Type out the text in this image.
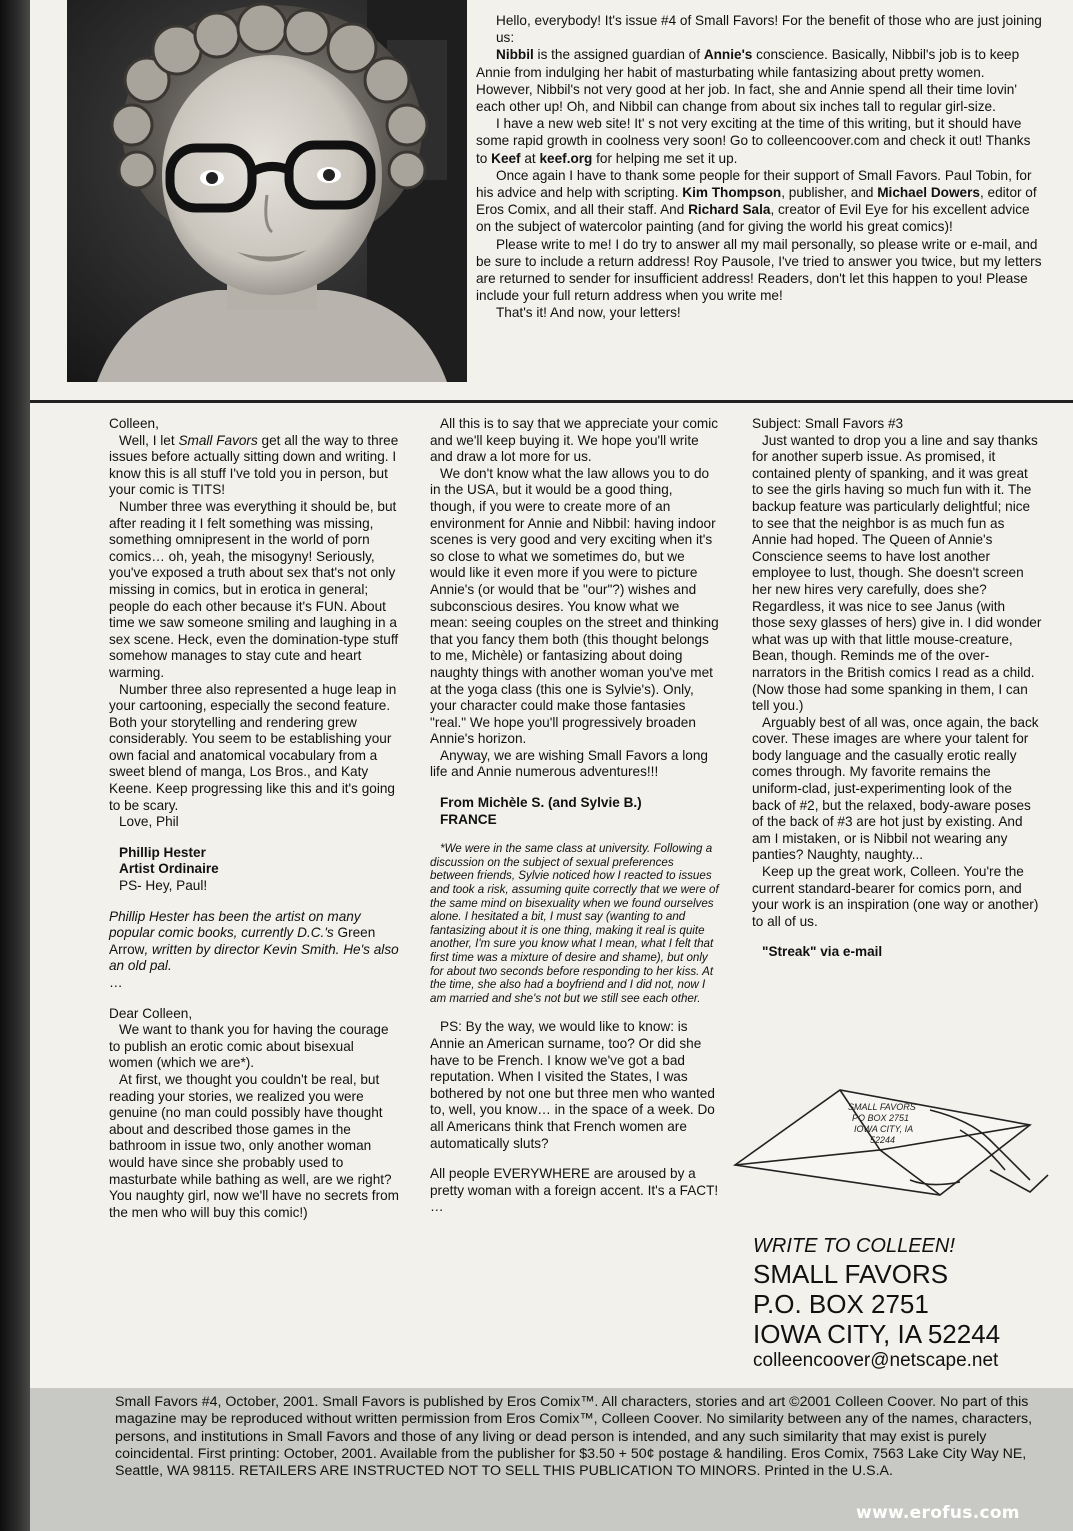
Hello, everybody! It's issue #4 of Small Favors! For the benefit of those who are just joining us:

Nibbil is the assigned guardian of Annie's conscience. Basically, Nibbil's job is to keep Annie from indulging her habit of masturbating while fantasizing about pretty women. However, Nibbil's not very good at her job. In fact, she and Annie spend all their time lovin' each other up! Oh, and Nibbil can change from about six inches tall to regular girl-size.

I have a new web site! It' s not very exciting at the time of this writing, but it should have some rapid growth in coolness very soon! Go to colleencoover.com and check it out! Thanks to Keef at keef.org for helping me set it up.

Once again I have to thank some people for their support of Small Favors. Paul Tobin, for his advice and help with scripting. Kim Thompson, publisher, and Michael Dowers, editor of Eros Comix, and all their staff. And Richard Sala, creator of Evil Eye for his excellent advice on the subject of watercolor painting (and for giving the world his great comics)!

Please write to me! I do try to answer all my mail personally, so please write or e-mail, and be sure to include a return address! Roy Pausole, I've tried to answer you twice, but my letters are returned to sender for insufficient address! Readers, don't let this happen to you! Please include your full return address when you write me!

That's it! And now, your letters!

Colleen,

Well, I let Small Favors get all the way to three issues before actually sitting down and writing. I know this is all stuff I've told you in person, but your comic is TITS!

Number three was everything it should be, but after reading it I felt something was missing, something omnipresent in the world of porn comics… oh, yeah, the misogyny! Seriously, you've exposed a truth about sex that's not only missing in comics, but in erotica in general; people do each other because it's FUN. About time we saw someone smiling and laughing in a sex scene. Heck, even the domination-type stuff somehow manages to stay cute and heart warming.

Number three also represented a huge leap in your cartooning, especially the second feature. Both your storytelling and rendering grew considerably. You seem to be establishing your own facial and anatomical vocabulary from a sweet blend of manga, Los Bros., and Katy Keene. Keep progressing like this and it's going to be scary.

Love, Phil

Phillip Hester

Artist Ordinaire

PS- Hey, Paul!

Phillip Hester has been the artist on many popular comic books, currently D.C.'s Green Arrow, written by director Kevin Smith. He's also an old pal.

…

Dear Colleen,

We want to thank you for having the courage to publish an erotic comic about bisexual women (which we are*).

At first, we thought you couldn't be real, but reading your stories, we realized you were genuine (no man could possibly have thought about and described those games in the bathroom in issue two, only another woman would have since she probably used to masturbate while bathing as well, are we right? You naughty girl, now we'll have no secrets from the men who will buy this comic!)

All this is to say that we appreciate your comic and we'll keep buying it. We hope you'll write and draw a lot more for us.

We don't know what the law allows you to do in the USA, but it would be a good thing, though, if you were to create more of an environment for Annie and Nibbil: having indoor scenes is very good and very exciting when it's so close to what we sometimes do, but we would like it even more if you were to picture Annie's (or would that be "our"?) wishes and subconscious desires. You know what we mean: seeing couples on the street and thinking that you fancy them both (this thought belongs to me, Michèle) or fantasizing about doing naughty things with another woman you've met at the yoga class (this one is Sylvie's). Only, your character could make those fantasies "real." We hope you'll progressively broaden Annie's horizon.

Anyway, we are wishing Small Favors a long life and Annie numerous adventures!!!

From Michèle S. (and Sylvie B.)

FRANCE

*We were in the same class at university. Following a discussion on the subject of sexual preferences between friends, Sylvie noticed how I reacted to issues and took a risk, assuming quite correctly that we were of the same mind on bisexuality when we found ourselves alone. I hesitated a bit, I must say (wanting to and fantasizing about it is one thing, making it real is quite another, I'm sure you know what I mean, what I felt that first time was a mixture of desire and shame), but only for about two seconds before responding to her kiss. At the time, she also had a boyfriend and I did not, now I am married and she's not but we still see each other.

PS: By the way, we would like to know: is Annie an American surname, too? Or did she have to be French. I know we've got a bad reputation. When I visited the States, I was bothered by not one but three men who wanted to, well, you know… in the space of a week. Do all Americans think that French women are automatically sluts?

All people EVERYWHERE are aroused by a pretty woman with a foreign accent. It's a FACT!

…

Subject: Small Favors #3

Just wanted to drop you a line and say thanks for another superb issue. As promised, it contained plenty of spanking, and it was great to see the girls having so much fun with it. The backup feature was particularly delightful; nice to see that the neighbor is as much fun as Annie had hoped. The Queen of Annie's Conscience seems to have lost another employee to lust, though. She doesn't screen her new hires very carefully, does she? Regardless, it was nice to see Janus (with those sexy glasses of hers) give in. I did wonder what was up with that little mouse-creature, Bean, though. Reminds me of the over-narrators in the British comics I read as a child. (Now those had some spanking in them, I can tell you.)

Arguably best of all was, once again, the back cover. These images are where your talent for body language and the casually erotic really comes through. My favorite remains the uniform-clad, just-experimenting look of the back of #2, but the relaxed, body-aware poses of the back of #3 are hot just by existing. And am I mistaken, or is Nibbil not wearing any panties? Naughty, naughty...

Keep up the great work, Colleen. You're the current standard-bearer for comics porn, and your work is an inspiration (one way or another) to all of us.

"Streak" via e-mail

SMALL FAVORS
PO BOX 2751
IOWA CITY, IA
52244
WRITE TO COLLEEN!
SMALL FAVORS
P.O. BOX 2751
IOWA CITY, IA 52244
colleencoover@netscape.net
Small Favors #4, October, 2001. Small Favors is published by Eros Comix™. All characters, stories and art ©2001 Colleen Coover. No part of this magazine may be reproduced without written permission from Eros Comix™, Colleen Coover. No similarity between any of the names, characters, persons, and institutions in Small Favors and those of any living or dead person is intended, and any such similarity that may exist is purely coincidental. First printing: October, 2001. Available from the publisher for $3.50 + 50¢ postage & handiling. Eros Comix, 7563 Lake City Way NE, Seattle, WA 98115. RETAILERS ARE INSTRUCTED NOT TO SELL THIS PUBLICATION TO MINORS. Printed in the U.S.A.
www.erofus.com
